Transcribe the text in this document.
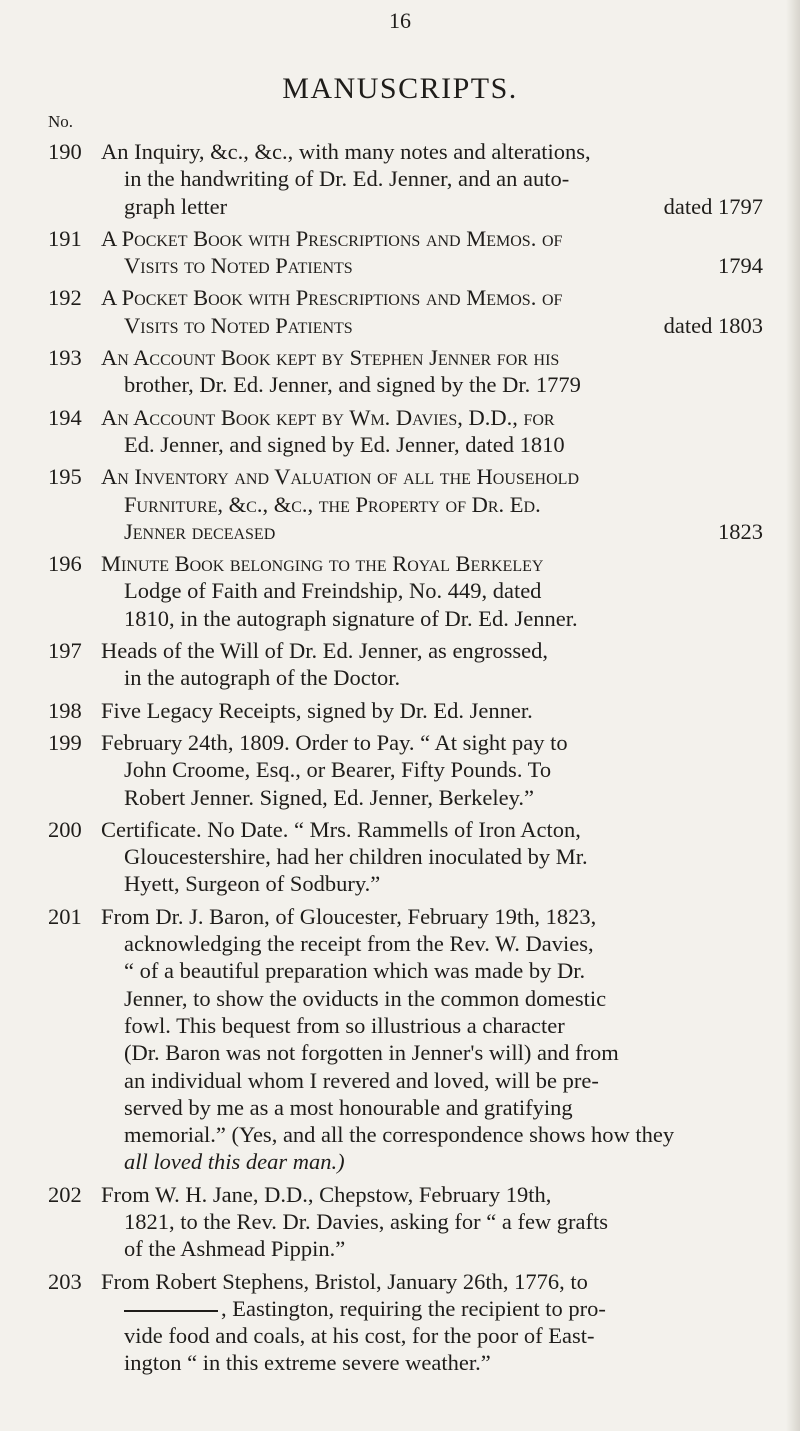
16
MANUSCRIPTS.
No.
190 An Inquiry, &c., &c., with many notes and alterations,
in the handwriting of Dr. Ed. Jenner, and an auto-
graph letter	dated 1797
191 A Pocket Book with Prescriptions and Memos. of
Visits to Noted Patients	1794
192 A Pocket Book with Prescriptions and Memos. of
Visits to Noted Patients	dated 1803
193 An Account Book kept by Stephen Jenner for his
brother, Dr. Ed. Jenner, and signed by the Dr. 1779
194 An Account Book kept by Wm. Davies, D.D., for
Ed. Jenner, and signed by Ed. Jenner, dated 1810
195 An Inventory and Valuation of all the Household
Furniture, &c., &c., the Property of Dr. Ed.
Jenner deceased	1823
196 Minute Book belonging to the Royal Berkeley
Lodge of Faith and Freindship, No. 449, dated
1810, in the autograph signature of Dr. Ed. Jenner.
197 Heads of the Will of Dr. Ed. Jenner, as engrossed,
in the autograph of the Doctor.
198 Five Legacy Receipts, signed by Dr. Ed. Jenner.
199 February 24th, 1809. Order to Pay. “ At sight pay to
John Croome, Esq., or Bearer, Fifty Pounds. To
Robert Jenner. Signed, Ed. Jenner, Berkeley.”
200 Certificate. No Date. “ Mrs. Rammells of Iron Acton,
Gloucestershire, had her children inoculated by Mr.
Hyett, Surgeon of Sodbury.”
201 From Dr. J. Baron, of Gloucester, February 19th, 1823,
acknowledging the receipt from the Rev. W. Davies,
“ of a beautiful preparation which was made by Dr.
Jenner, to show the oviducts in the common domestic
fowl. This bequest from so illustrious a character
(Dr. Baron was not forgotten in Jenner's will) and from
an individual whom I revered and loved, will be pre-
served by me as a most honourable and gratifying
memorial.” (Yes, and all the correspondence shows how they
all loved this dear man.)
202 From W. H. Jane, D.D., Chepstow, February 19th,
1821, to the Rev. Dr. Davies, asking for “ a few grafts
of the Ashmead Pippin.”
203 From Robert Stephens, Bristol, January 26th, 1776, to
, Eastington, requiring the recipient to pro-
vide food and coals, at his cost, for the poor of East-
ington “ in this extreme severe weather.”
